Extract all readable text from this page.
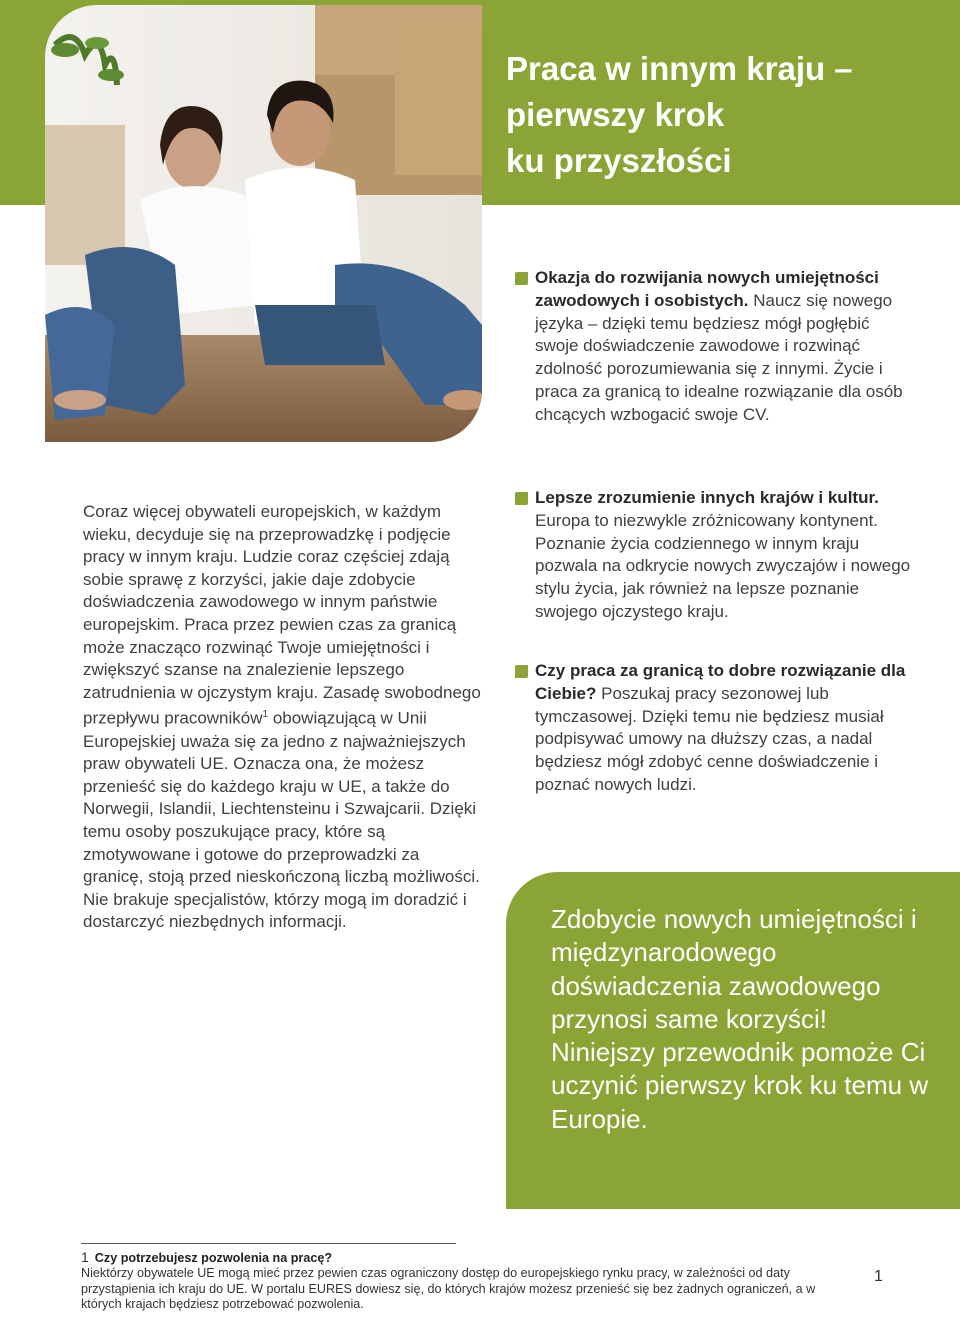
Praca w innym kraju –
pierwszy krok
ku przyszłości

Coraz więcej obywateli europejskich, w każdym wieku, decyduje się na przeprowadzkę i podjęcie pracy w innym kraju. Ludzie coraz częściej zdają sobie sprawę z korzyści, jakie daje zdobycie doświadczenia zawodowego w innym państwie europejskim. Praca przez pewien czas za granicą może znacząco rozwinąć Twoje umiejętności i zwiększyć szanse na znalezienie lepszego zatrudnienia w ojczystym kraju. Zasadę swobodnego przepływu pracowników$^1$ obowiązującą w Unii Europejskiej uważa się za jedno z najważniejszych praw obywateli UE. Oznacza ona, że możesz przenieść się do każdego kraju w UE, a także do Norwegii, Islandii, Liechtensteinu i Szwajcarii. Dzięki temu osoby poszukujące pracy, które są zmotywowane i gotowe do przeprowadzki za granicę, stoją przed nieskończoną liczbą możliwości. Nie brakuje specjalistów, którzy mogą im doradzić i dostarczyć niezbędnych informacji.

Okazja do rozwijania nowych umiejętności zawodowych i osobistych. Naucz się nowego języka – dzięki temu będziesz mógł pogłębić swoje doświadczenie zawodowe i rozwinąć zdolność porozumiewania się z innymi. Życie i praca za granicą to idealne rozwiązanie dla osób chcących wzbogacić swoje CV.

Lepsze zrozumienie innych krajów i kultur. Europa to niezwykle zróżnicowany kontynent. Poznanie życia codziennego w innym kraju pozwala na odkrycie nowych zwyczajów i nowego stylu życia, jak również na lepsze poznanie swojego ojczystego kraju.

Czy praca za granicą to dobre rozwiązanie dla Ciebie? Poszukaj pracy sezonowej lub tymczasowej. Dzięki temu nie będziesz musiał podpisywać umowy na dłuższy czas, a nadal będziesz mógł zdobyć cenne doświadczenie i poznać nowych ludzi.

Zdobycie nowych umiejętności i międzynarodowego doświadczenia zawodowego przynosi same korzyści! Niniejszy przewodnik pomoże Ci uczynić pierwszy krok ku temu w Europie.

1 Czy potrzebujesz pozwolenia na pracę?
Niektórzy obywatele UE mogą mieć przez pewien czas ograniczony dostęp do europejskiego rynku pracy, w zależności od daty przystąpienia ich kraju do UE. W portalu EURES dowiesz się, do których krajów możesz przenieść się bez żadnych ograniczeń, a w których krajach będziesz potrzebować pozwolenia.

1
